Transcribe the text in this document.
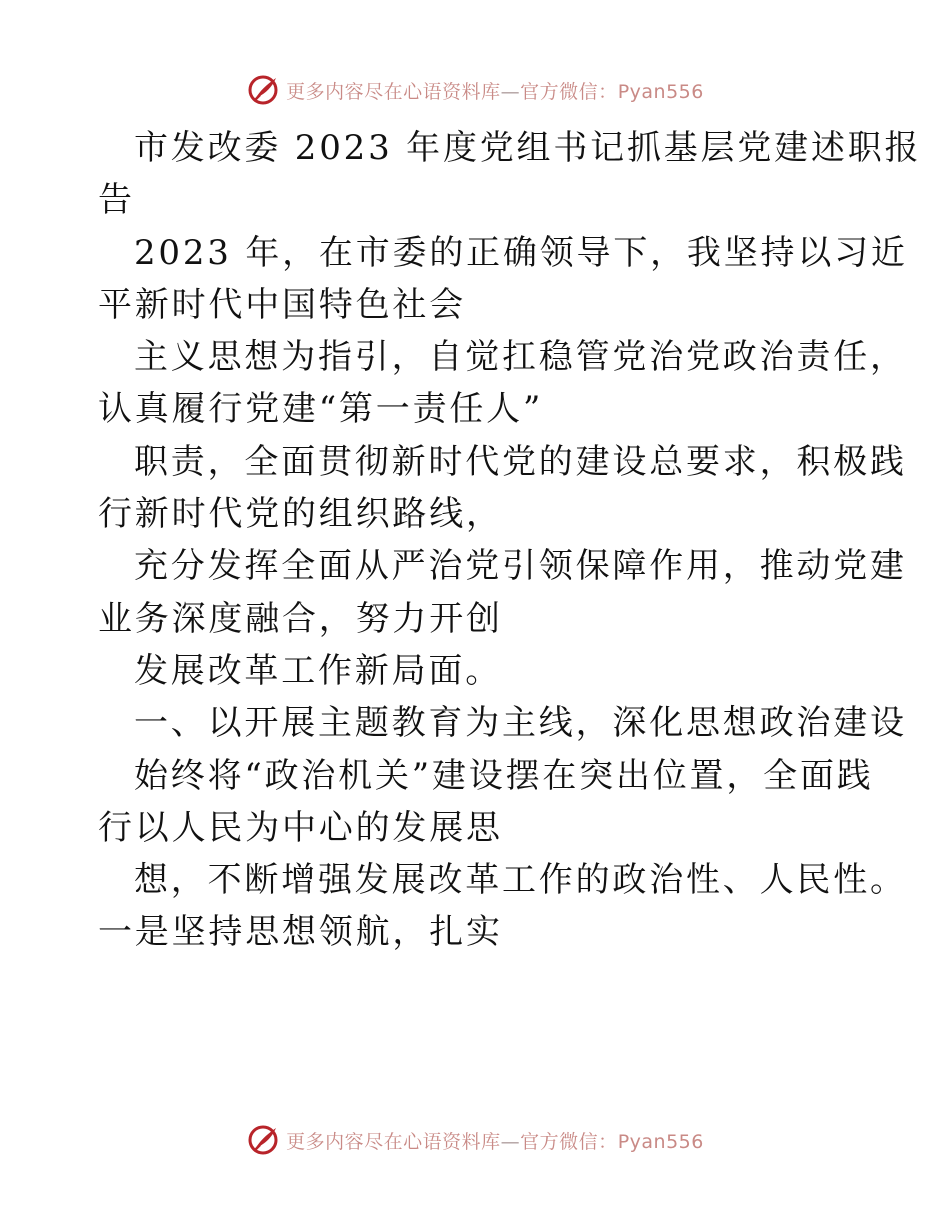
更多内容尽在心语资料库—官方微信：Pyan556
市发改委 2023 年度党组书记抓基层党建述职报
告
2023 年，在市委的正确领导下，我坚持以习近
平新时代中国特色社会
主义思想为指引，自觉扛稳管党治党政治责任，
认真履行党建“第一责任人”
职责，全面贯彻新时代党的建设总要求，积极践
行新时代党的组织路线，
充分发挥全面从严治党引领保障作用，推动党建
业务深度融合，努力开创
发展改革工作新局面。
一、以开展主题教育为主线，深化思想政治建设
始终将“政治机关”建设摆在突出位置，全面践
行以人民为中心的发展思
想，不断增强发展改革工作的政治性、人民性。
一是坚持思想领航，扎实
更多内容尽在心语资料库—官方微信：Pyan556
